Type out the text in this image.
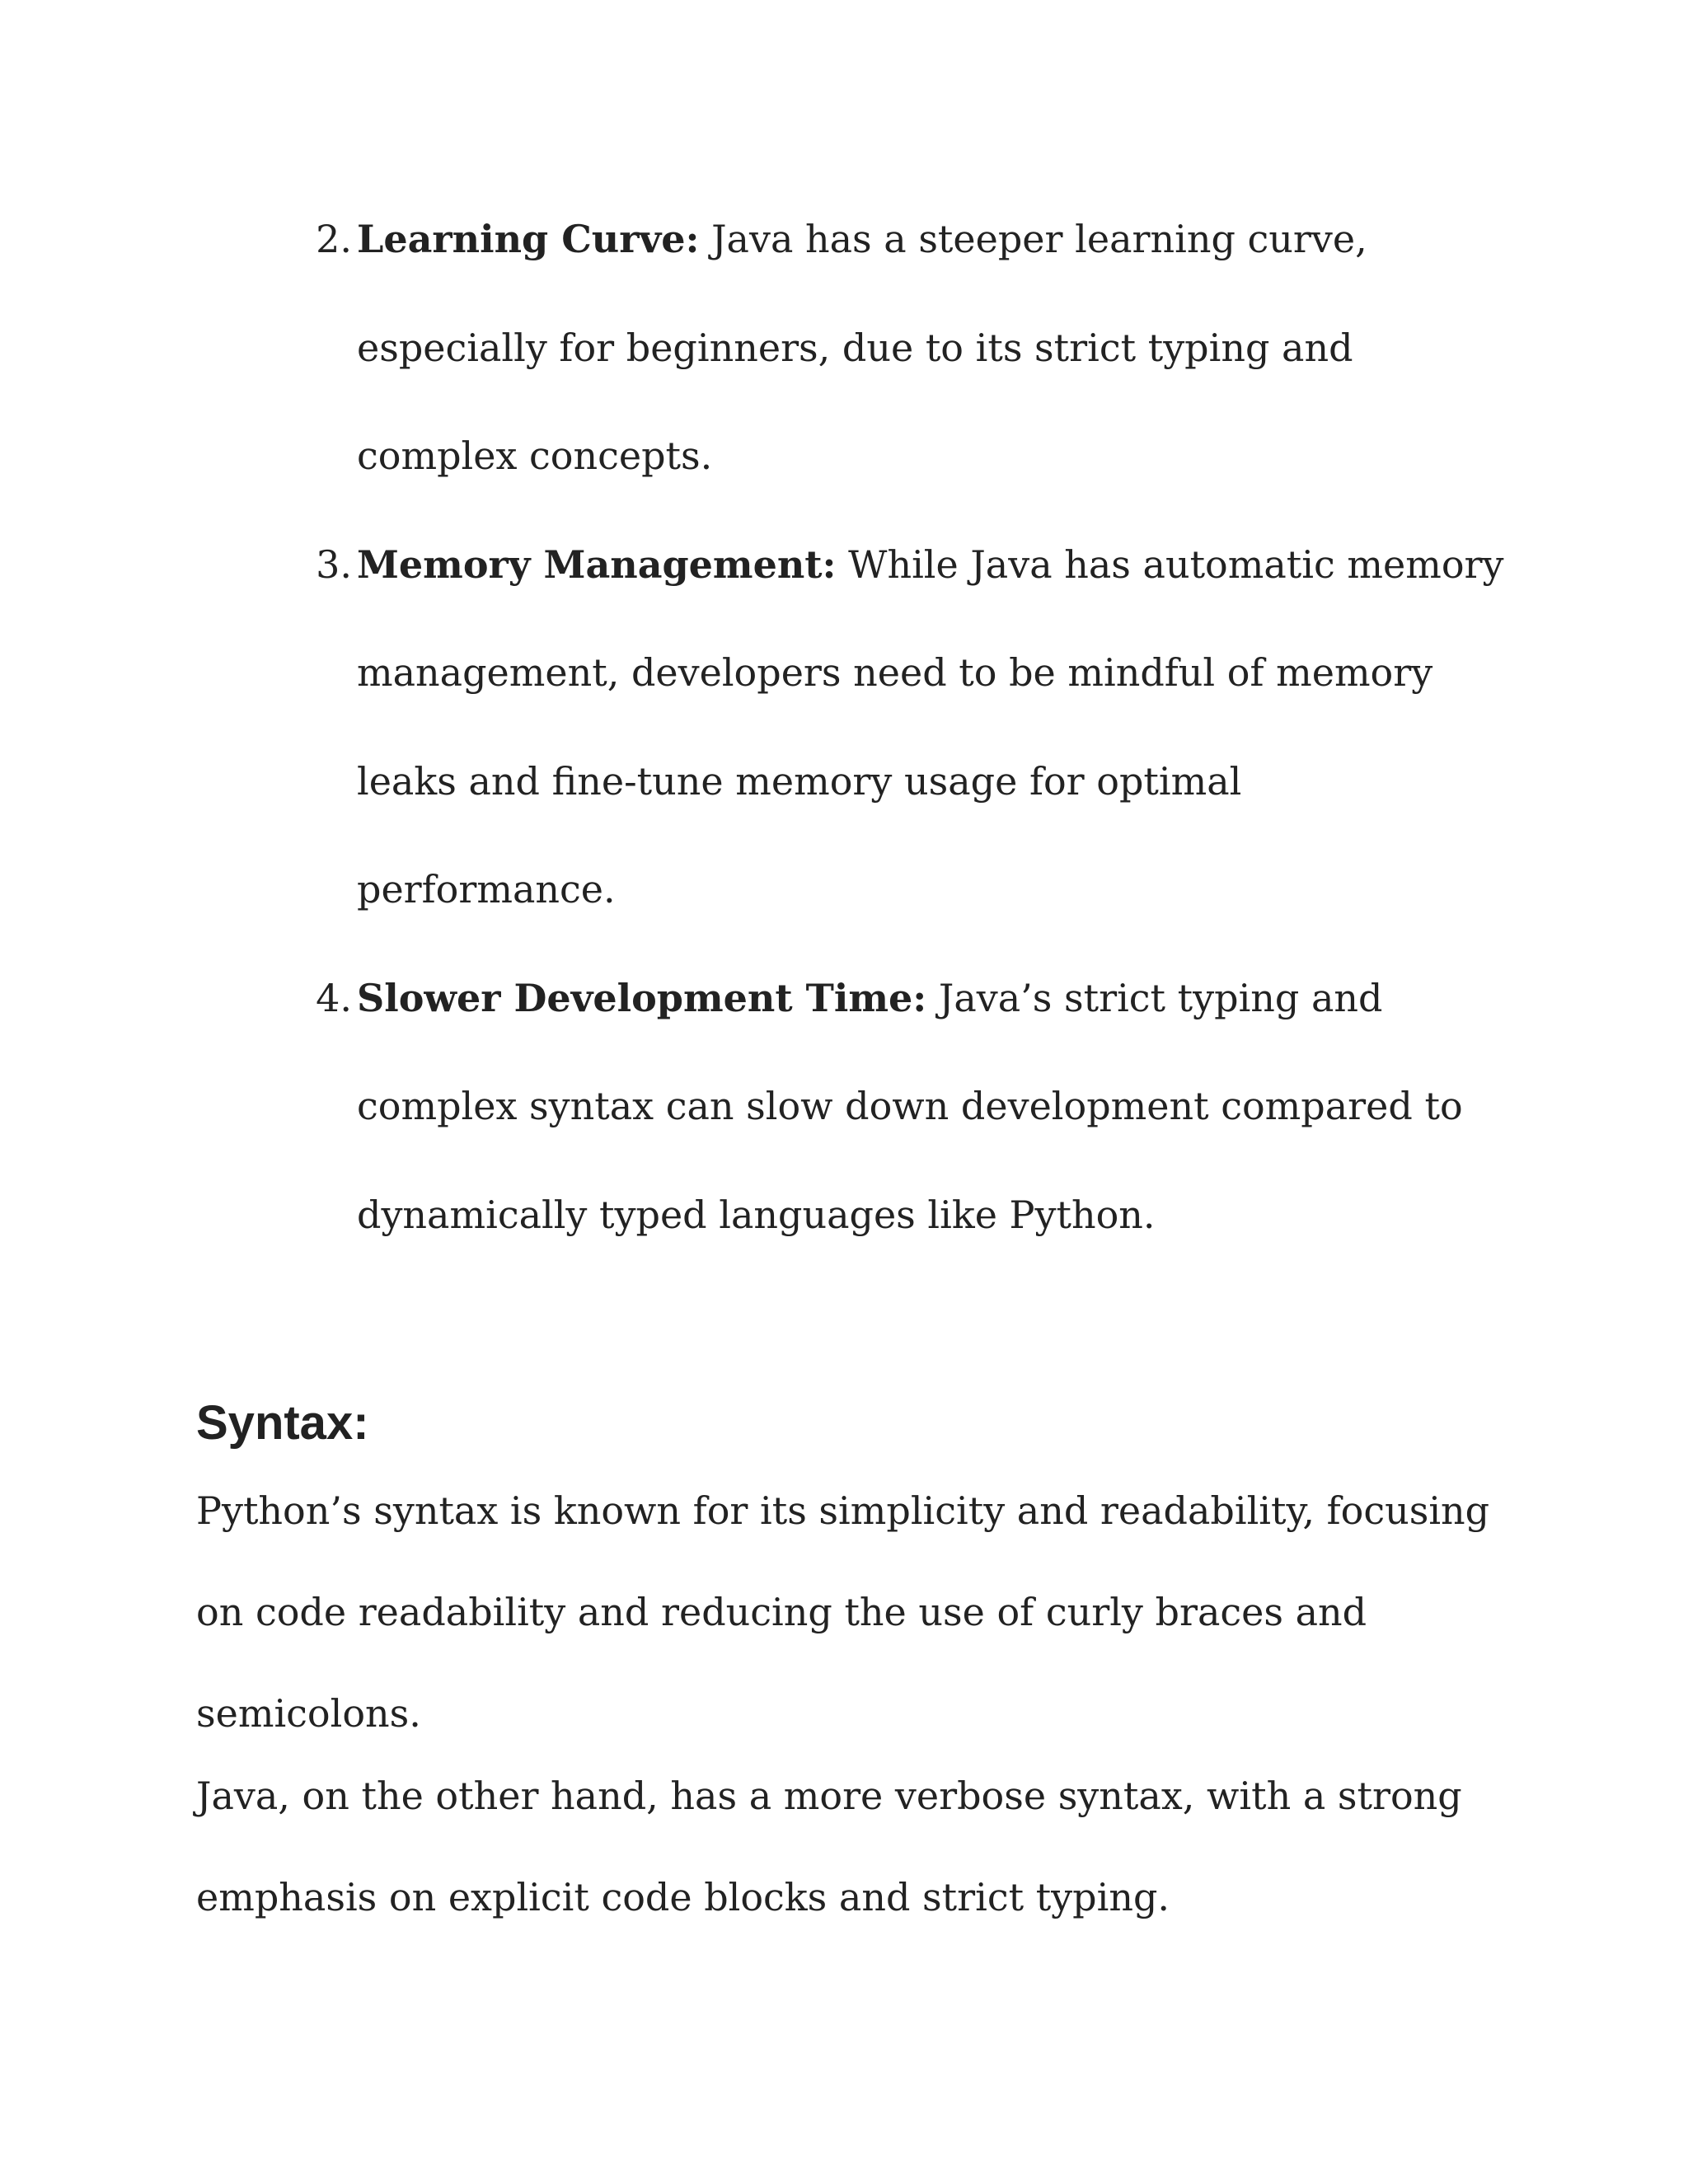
2. Learning Curve: Java has a steeper learning curve, especially for beginners, due to its strict typing and complex concepts.
3. Memory Management: While Java has automatic memory management, developers need to be mindful of memory leaks and fine-tune memory usage for optimal performance.
4. Slower Development Time: Java’s strict typing and complex syntax can slow down development compared to dynamically typed languages like Python.
Syntax:

Python’s syntax is known for its simplicity and readability, focusing on code readability and reducing the use of curly braces and semicolons.

Java, on the other hand, has a more verbose syntax, with a strong emphasis on explicit code blocks and strict typing.
